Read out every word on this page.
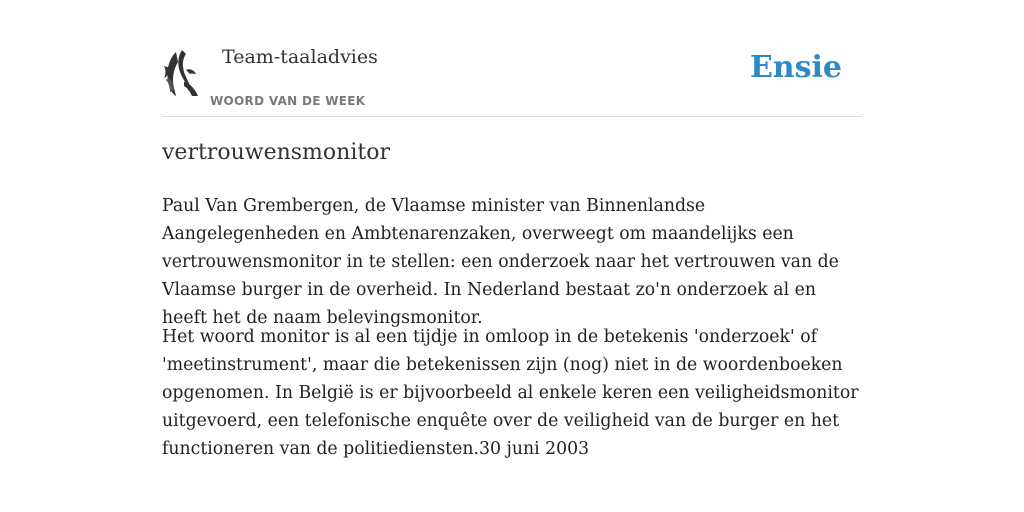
Team-taaladvies
WOORD VAN DE WEEK
Ensie
vertrouwensmonitor

Paul Van Grembergen, de Vlaamse minister van Binnenlandse Aangelegenheden en Ambtenarenzaken, overweegt om maandelijks een vertrouwensmonitor in te stellen: een onderzoek naar het vertrouwen van de Vlaamse burger in de overheid. In Nederland bestaat zo'n onderzoek al en heeft het de naam belevingsmonitor.

Het woord monitor is al een tijdje in omloop in de betekenis 'onderzoek' of 'meetinstrument', maar die betekenissen zijn (nog) niet in de woordenboeken opgenomen. In België is er bijvoorbeeld al enkele keren een veiligheidsmonitor uitgevoerd, een telefonische enquête over de veiligheid van de burger en het functioneren van de politiediensten.30 juni 2003
